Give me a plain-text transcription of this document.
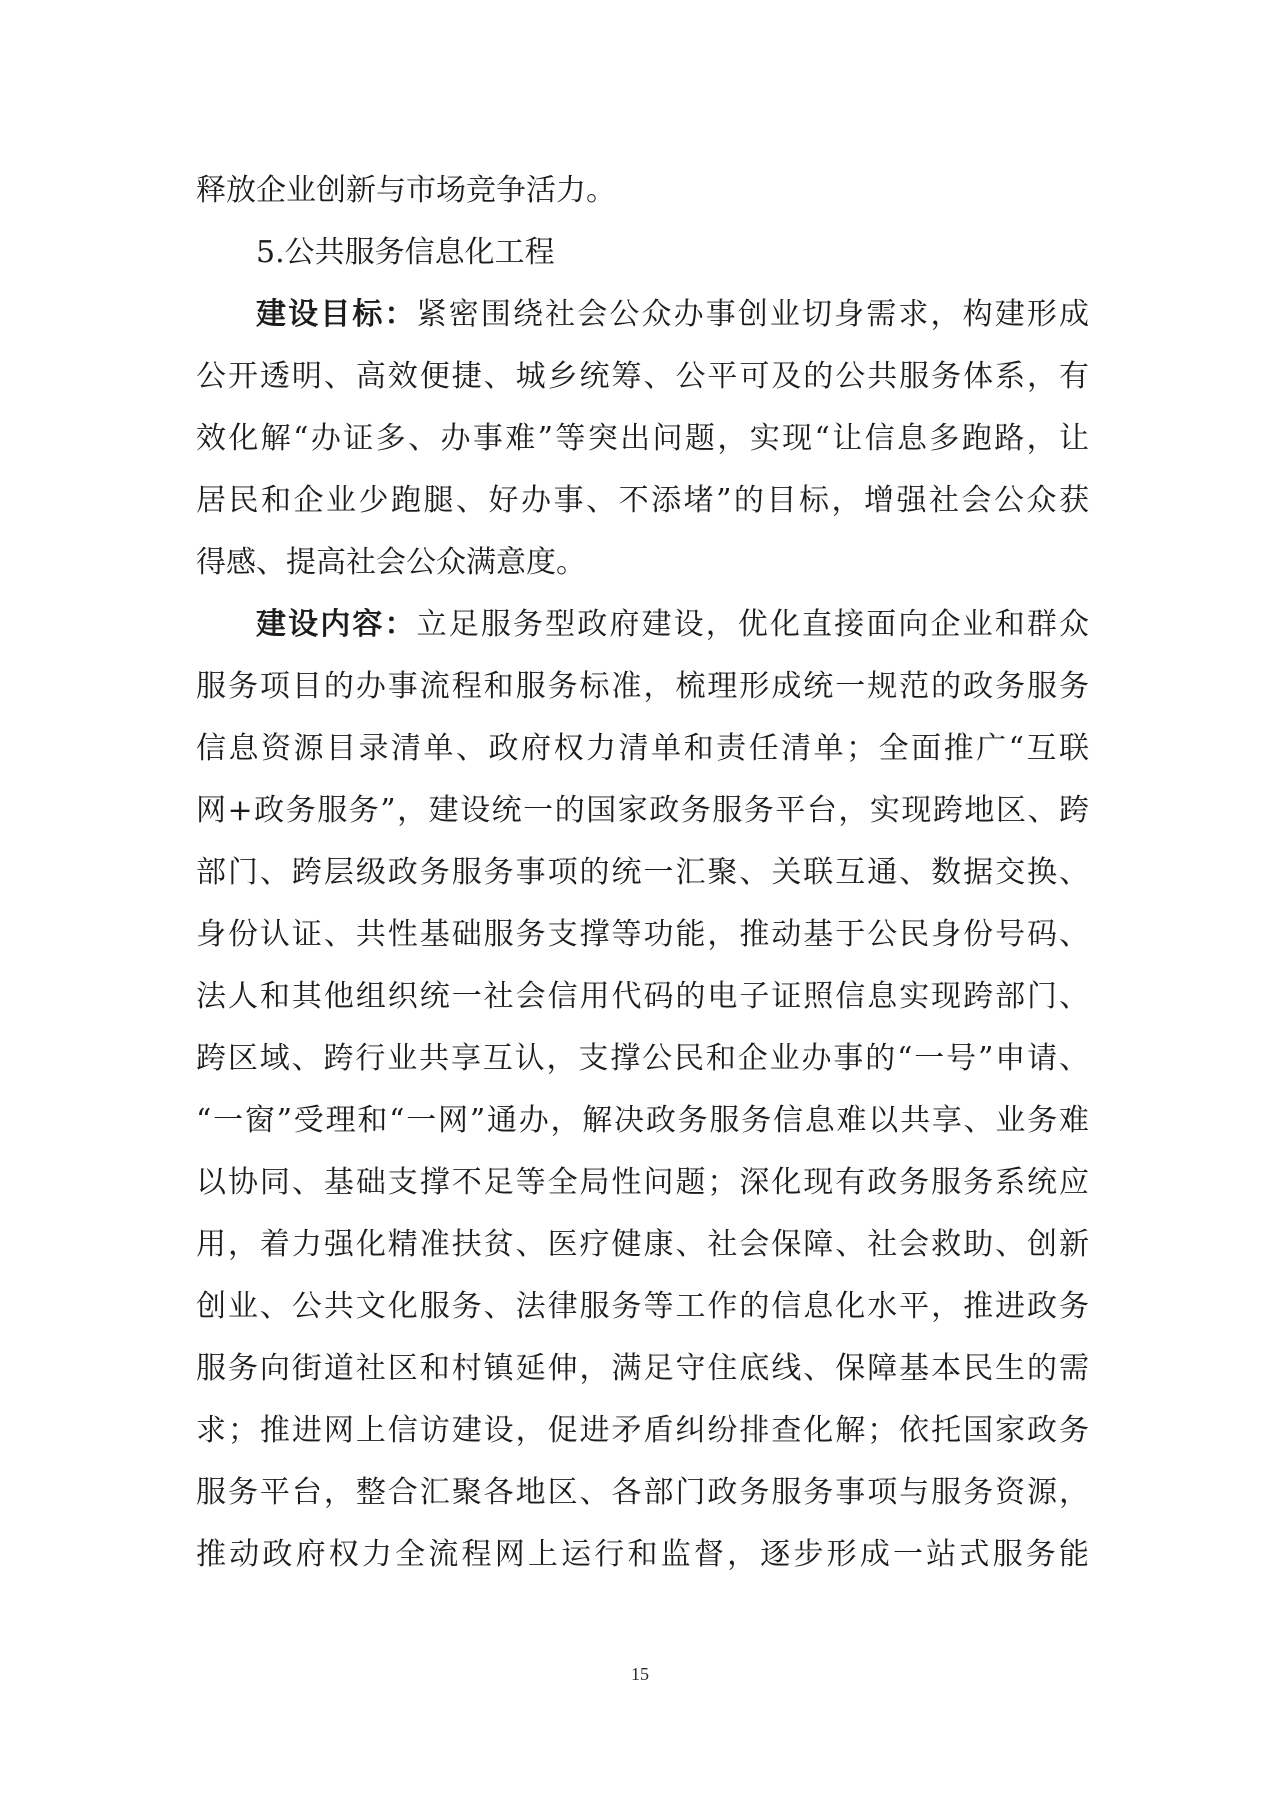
释放企业创新与市场竞争活力。
5.公共服务信息化工程
建设目标：紧密围绕社会公众办事创业切身需求，构建形成
公开透明、高效便捷、城乡统筹、公平可及的公共服务体系，有
效化解“办证多、办事难”等突出问题，实现“让信息多跑路，让
居民和企业少跑腿、好办事、不添堵”的目标，增强社会公众获
得感、提高社会公众满意度。
建设内容：立足服务型政府建设，优化直接面向企业和群众
服务项目的办事流程和服务标准，梳理形成统一规范的政务服务
信息资源目录清单、政府权力清单和责任清单；全面推广“互联
网+政务服务”，建设统一的国家政务服务平台，实现跨地区、跨
部门、跨层级政务服务事项的统一汇聚、关联互通、数据交换、
身份认证、共性基础服务支撑等功能，推动基于公民身份号码、
法人和其他组织统一社会信用代码的电子证照信息实现跨部门、
跨区域、跨行业共享互认，支撑公民和企业办事的“一号”申请、
“一窗”受理和“一网”通办，解决政务服务信息难以共享、业务难
以协同、基础支撑不足等全局性问题；深化现有政务服务系统应
用，着力强化精准扶贫、医疗健康、社会保障、社会救助、创新
创业、公共文化服务、法律服务等工作的信息化水平，推进政务
服务向街道社区和村镇延伸，满足守住底线、保障基本民生的需
求；推进网上信访建设，促进矛盾纠纷排查化解；依托国家政务
服务平台，整合汇聚各地区、各部门政务服务事项与服务资源，
推动政府权力全流程网上运行和监督，逐步形成一站式服务能
15
